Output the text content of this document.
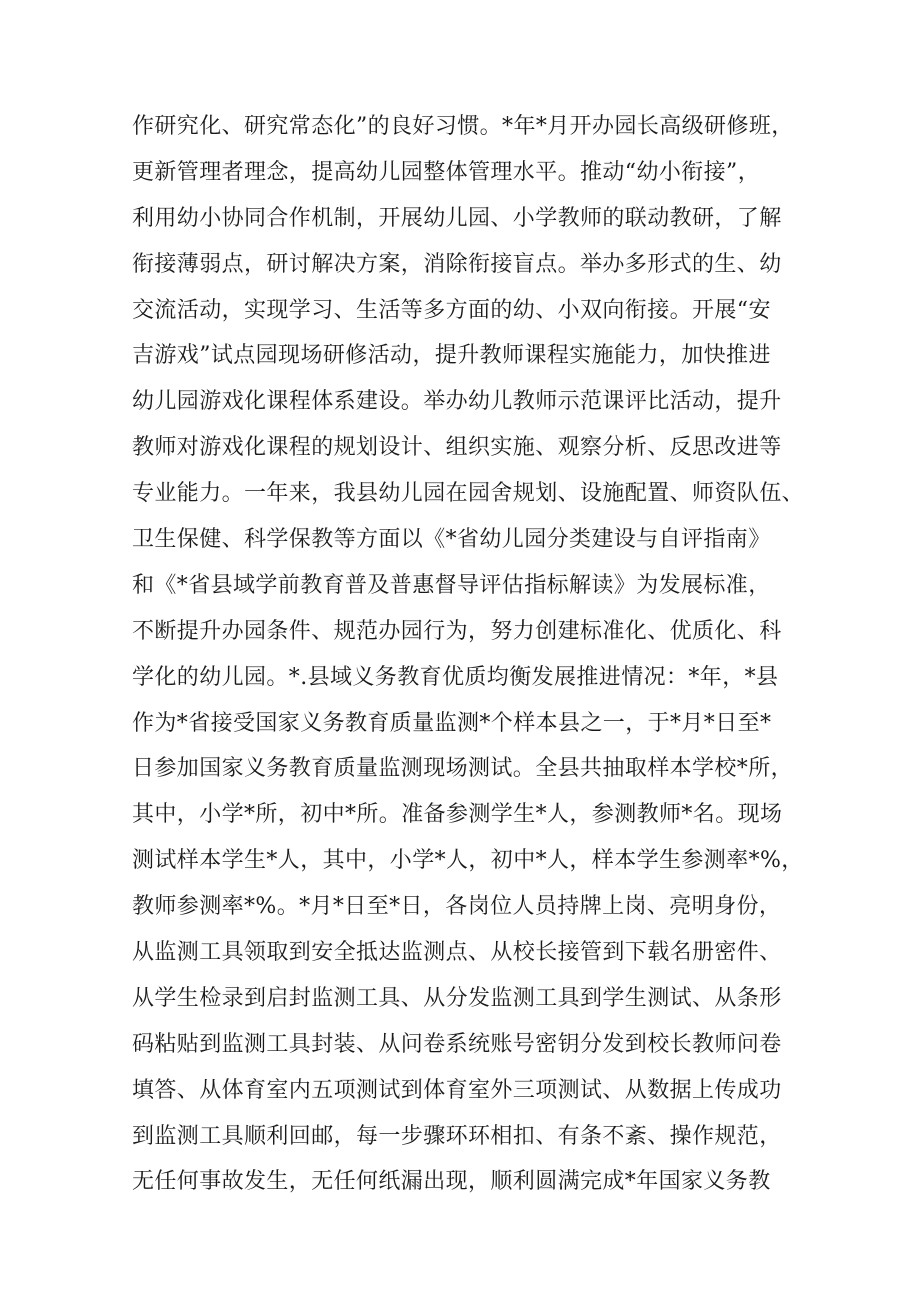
作研究化、研究常态化”的良好习惯。*年*月开办园长高级研修班，
更新管理者理念，提高幼儿园整体管理水平。推动“幼小衔接”，
利用幼小协同合作机制，开展幼儿园、小学教师的联动教研，了解
衔接薄弱点，研讨解决方案，消除衔接盲点。举办多形式的生、幼
交流活动，实现学习、生活等多方面的幼、小双向衔接。开展“安
吉游戏”试点园现场研修活动，提升教师课程实施能力，加快推进
幼儿园游戏化课程体系建设。举办幼儿教师示范课评比活动，提升
教师对游戏化课程的规划设计、组织实施、观察分析、反思改进等
专业能力。一年来，我县幼儿园在园舍规划、设施配置、师资队伍、
卫生保健、科学保教等方面以《*省幼儿园分类建设与自评指南》
和《*省县域学前教育普及普惠督导评估指标解读》为发展标准，
不断提升办园条件、规范办园行为，努力创建标准化、优质化、科
学化的幼儿园。*.县域义务教育优质均衡发展推进情况：*年，*县
作为*省接受国家义务教育质量监测*个样本县之一，于*月*日至*
日参加国家义务教育质量监测现场测试。全县共抽取样本学校*所，
其中，小学*所，初中*所。准备参测学生*人，参测教师*名。现场
测试样本学生*人，其中，小学*人，初中*人，样本学生参测率*%，
教师参测率*%。*月*日至*日，各岗位人员持牌上岗、亮明身份，
从监测工具领取到安全抵达监测点、从校长接管到下载名册密件、
从学生检录到启封监测工具、从分发监测工具到学生测试、从条形
码粘贴到监测工具封装、从问卷系统账号密钥分发到校长教师问卷
填答、从体育室内五项测试到体育室外三项测试、从数据上传成功
到监测工具顺利回邮，每一步骤环环相扣、有条不紊、操作规范，
无任何事故发生，无任何纸漏出现，顺利圆满完成*年国家义务教
